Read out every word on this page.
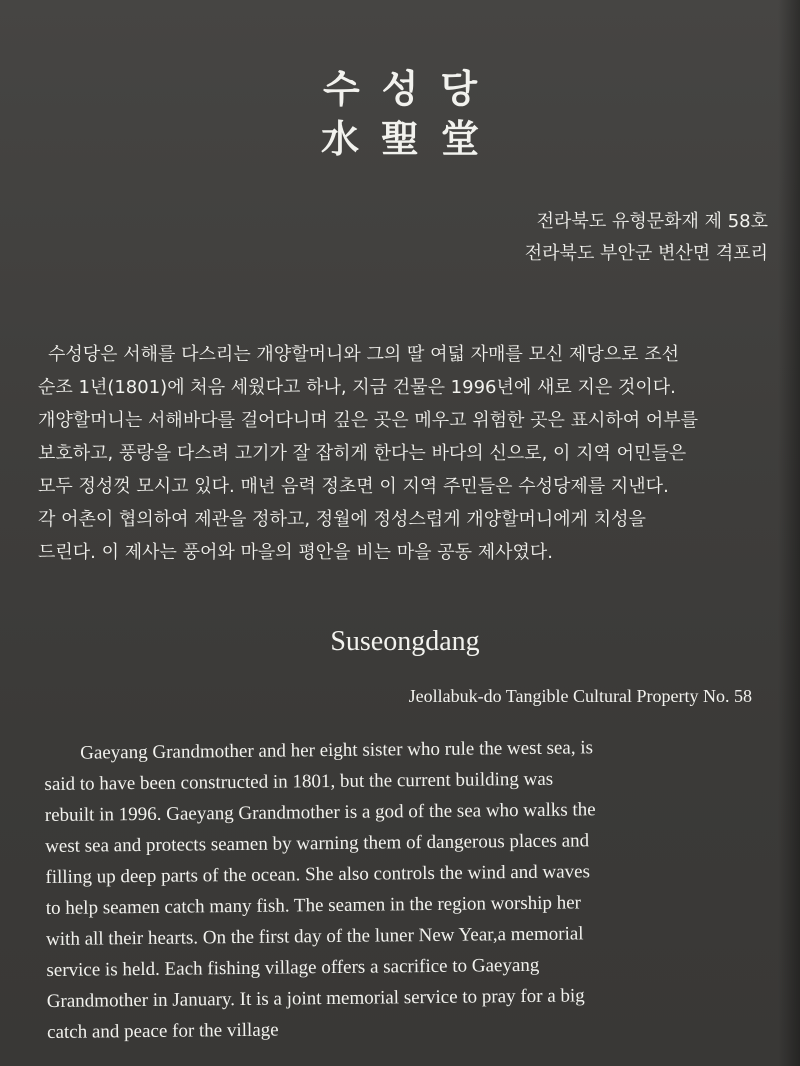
수성당
水聖堂
전라북도 유형문화재 제 58호
전라북도 부안군 변산면 격포리
수성당은 서해를 다스리는 개양할머니와 그의 딸 여덟 자매를 모신 제당으로 조선
순조 1년(1801)에 처음 세웠다고 하나, 지금 건물은 1996년에 새로 지은 것이다.
개양할머니는 서해바다를 걸어다니며 깊은 곳은 메우고 위험한 곳은 표시하여 어부를
보호하고, 풍랑을 다스려 고기가 잘 잡히게 한다는 바다의 신으로, 이 지역 어민들은
모두 정성껏 모시고 있다. 매년 음력 정초면 이 지역 주민들은 수성당제를 지낸다.
각 어촌이 협의하여 제관을 정하고, 정월에 정성스럽게 개양할머니에게 치성을
드린다. 이 제사는 풍어와 마을의 평안을 비는 마을 공동 제사였다.
Suseongdang
Jeollabuk-do Tangible Cultural Property No. 58
Gaeyang Grandmother and her eight sister who rule the west sea, is
said to have been constructed in 1801, but the current building was
rebuilt in 1996. Gaeyang Grandmother is a god of the sea who walks the
west sea and protects seamen by warning them of dangerous places and
filling up deep parts of the ocean. She also controls the wind and waves
to help seamen catch many fish. The seamen in the region worship her
with all their hearts. On the first day of the luner New Year,a memorial
service is held. Each fishing village offers a sacrifice to Gaeyang
Grandmother in January. It is a joint memorial service to pray for a big
catch and peace for the village
